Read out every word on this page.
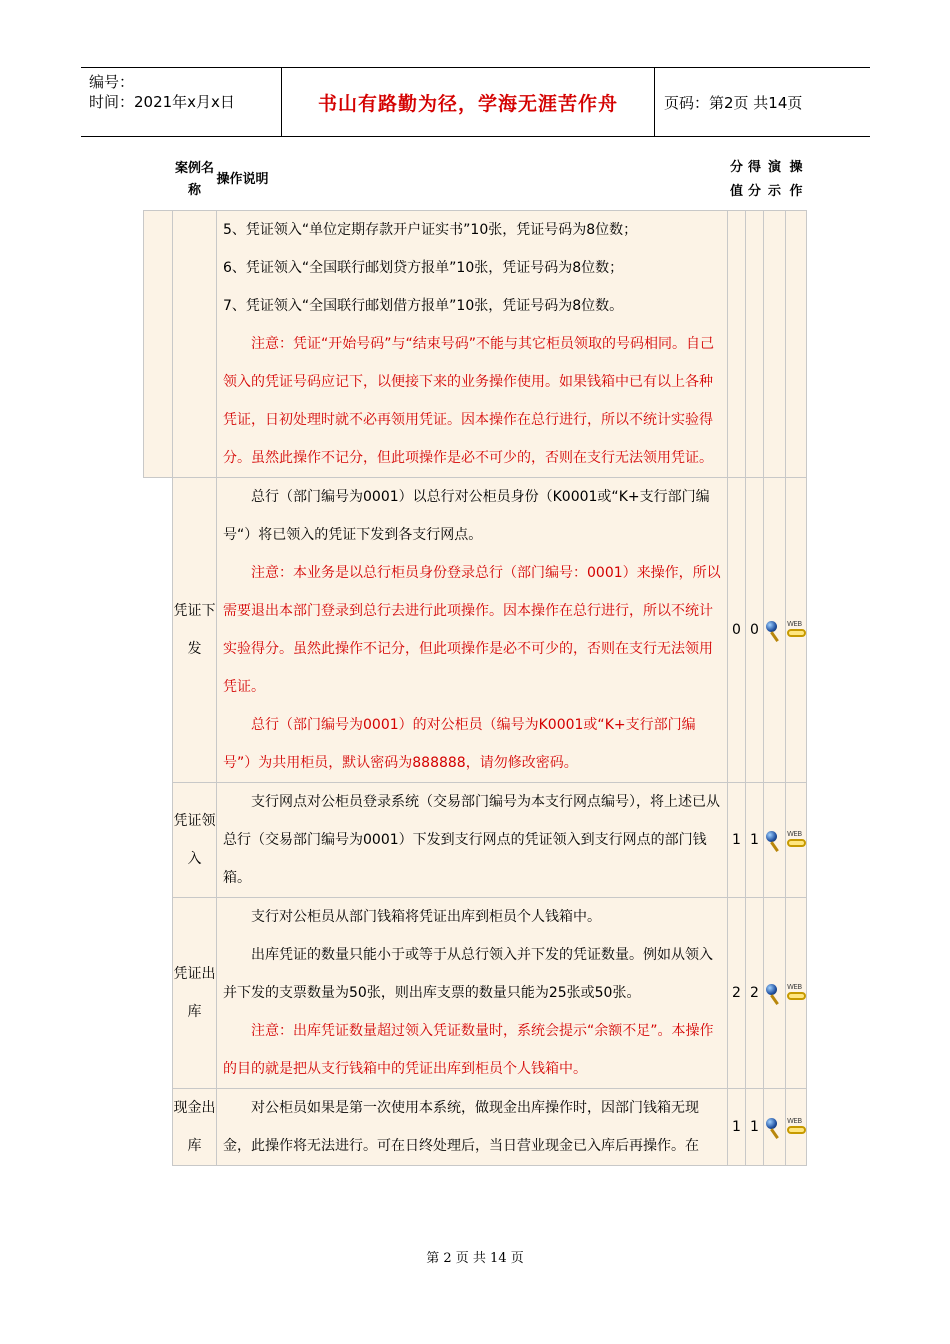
编号：
时间：2021年x月x日	书山有路勤为径，学海无涯苦作舟	页码：第2页 共14页
	案例名称	操作说明	分值	得分	演示	操作

		5、凭证领入“单位定期存款开户证实书”10张，凭证号码为8位数；

6、凭证领入“全国联行邮划贷方报单”10张，凭证号码为8位数；

7、凭证领入“全国联行邮划借方报单”10张，凭证号码为8位数。

注意：凭证“开始号码”与“结束号码”不能与其它柜员领取的号码相同。自己领入的凭证号码应记下，以便接下来的业务操作使用。如果钱箱中已有以上各种凭证，日初处理时就不必再领用凭证。因本操作在总行进行，所以不统计实验得分。虽然此操作不记分，但此项操作是必不可少的，否则在支行无法领用凭证。				

	凭证下发	总行（部门编号为0001）以总行对公柜员身份（K0001或“K+支行部门编号“）将已领入的凭证下发到各支行网点。

注意：本业务是以总行柜员身份登录总行（部门编号：0001）来操作，所以需要退出本部门登录到总行去进行此项操作。因本操作在总行进行，所以不统计实验得分。虽然此操作不记分，但此项操作是必不可少的，否则在支行无法领用凭证。

总行（部门编号为0001）的对公柜员（编号为K0001或“K+支行部门编号”）为共用柜员，默认密码为888888，请勿修改密码。	0	0		WEB

	凭证领入	支行网点对公柜员登录系统（交易部门编号为本支行网点编号），将上述已从总行（交易部门编号为0001）下发到支行网点的凭证领入到支行网点的部门钱箱。	1	1		WEB

	凭证出库	支行对公柜员从部门钱箱将凭证出库到柜员个人钱箱中。

出库凭证的数量只能小于或等于从总行领入并下发的凭证数量。例如从领入并下发的支票数量为50张，则出库支票的数量只能为25张或50张。

注意：出库凭证数量超过领入凭证数量时，系统会提示“余额不足”。本操作的目的就是把从支行钱箱中的凭证出库到柜员个人钱箱中。	2	2		WEB

	现金出库	对公柜员如果是第一次使用本系统，做现金出库操作时，因部门钱箱无现金，此操作将无法进行。可在日终处理后，当日营业现金已入库后再操作。在	1	1		WEB
第 2 页 共 14 页
